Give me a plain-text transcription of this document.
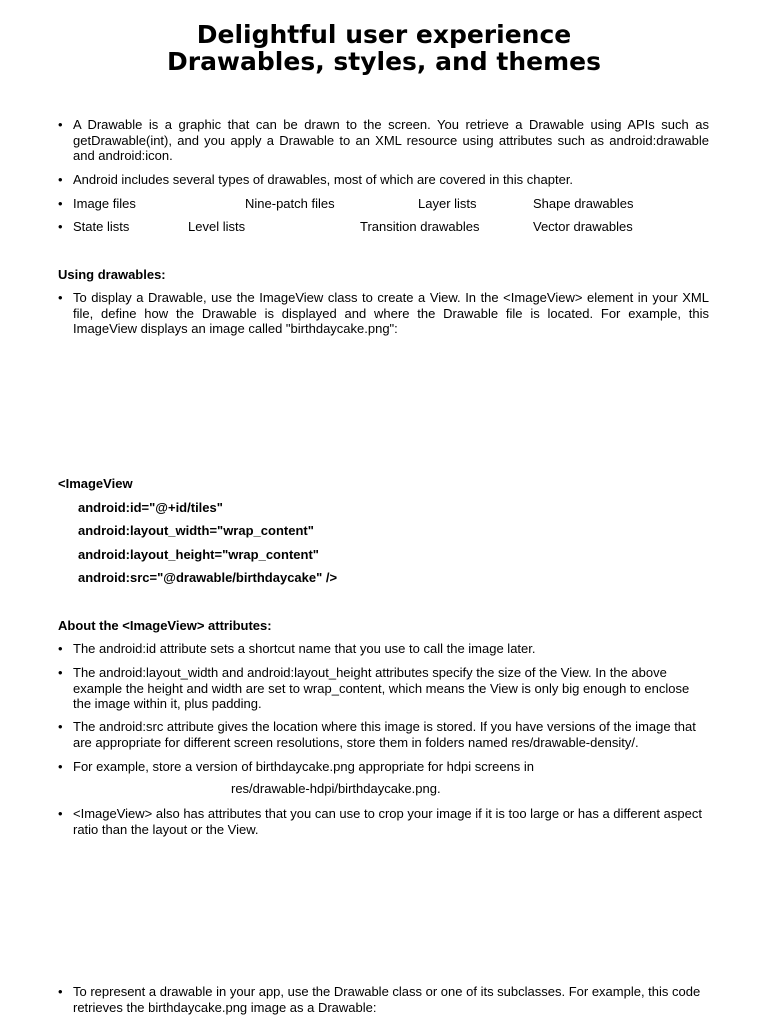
Delightful user experience
Drawables, styles, and themes
• A Drawable is a graphic that can be drawn to the screen. You retrieve a Drawable using APIs such as getDrawable(int), and you apply a Drawable to an XML resource using attributes such as android:drawable and android:icon.
• Android includes several types of drawables, most of which are covered in this chapter.
• Image files	Nine-patch files	Layer lists	Shape drawables
• State lists	Level lists	Transition drawables	Vector drawables
Using drawables:
• To display a Drawable, use the ImageView class to create a View. In the <ImageView> element in your XML file, define how the Drawable is displayed and where the Drawable file is located. For example, this ImageView displays an image called "birthdaycake.png":
<ImageView
android:id="@+id/tiles"
android:layout_width="wrap_content"
android:layout_height="wrap_content"
android:src="@drawable/birthdaycake" />
About the <ImageView> attributes:
• The android:id attribute sets a shortcut name that you use to call the image later.
• The android:layout_width and android:layout_height attributes specify the size of the View. In the above example the height and width are set to wrap_content, which means the View is only big enough to enclose the image within it, plus padding.
• The android:src attribute gives the location where this image is stored. If you have versions of the image that are appropriate for different screen resolutions, store them in folders named res/drawable-density/.
• For example, store a version of birthdaycake.png appropriate for hdpi screens in
res/drawable-hdpi/birthdaycake.png.
• <ImageView> also has attributes that you can use to crop your image if it is too large or has a different aspect ratio than the layout or the View.
• To represent a drawable in your app, use the Drawable class or one of its subclasses. For example, this code retrieves the birthdaycake.png image as a Drawable:
